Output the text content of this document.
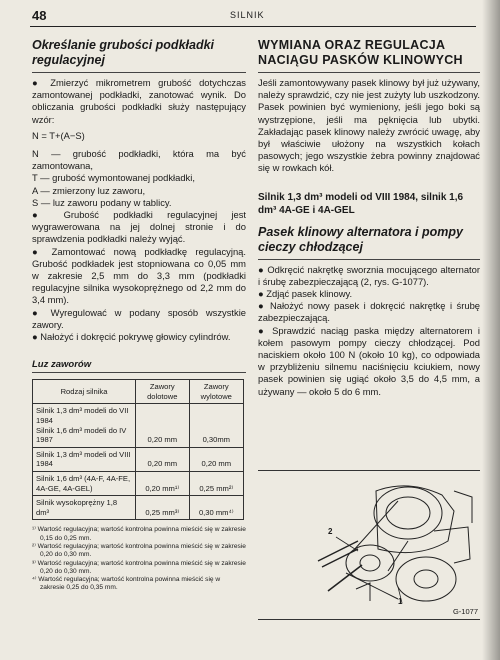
48	SILNIK
Określanie grubości podkładki regulacyjnej

● Zmierzyć mikrometrem grubość dotychczas zamontowanej podkładki, zanotować wynik. Do obliczania grubości podkładki służy następujący wzór:

N = T+(A−S)

N — grubość podkładki, która ma być zamontowana,

T — grubość wymontowanej podkładki,

A — zmierzony luz zaworu,

S — luz zaworu podany w tablicy.

● Grubość podkładki regulacyjnej jest wygrawerowana na jej dolnej stronie i do sprawdzenia podkładki należy wyjąć.

● Zamontować nową podkładkę regulacyjną. Grubość podkładek jest stopniowana co 0,05 mm w zakresie 2,5 mm do 3,3 mm (podkładki regulacyjne silnika wysokoprężnego od 2,2 mm do 3,4 mm).

● Wyregulować w podany sposób wszystkie zawory.

● Nałożyć i dokręcić pokrywę głowicy cylindrów.

Luz zaworów
Rodzaj silnika	Zawory dolotowe	Zawory wylotowe
Silnik 1,3 dm³ modeli do VII 1984
Silnik 1,6 dm³ modeli do IV 1987	0,20 mm	0,30mm
Silnik 1,3 dm³ modeli od VIII 1984	0,20 mm	0,20 mm
Silnik 1,6 dm³ (4A-F, 4A-FE, 4A-GE, 4A-GEL)	0,20 mm¹⁾	0,25 mm²⁾
Silnik wysokoprężny 1,8 dm³	0,25 mm³⁾	0,30 mm⁴⁾
¹⁾ Wartość regulacyjna; wartość kontrolna powinna mieścić się w zakresie 0,15 do 0,25 mm.
²⁾ Wartość regulacyjna; wartość kontrolna powinna mieścić się w zakresie 0,20 do 0,30 mm.
³⁾ Wartość regulacyjna; wartość kontrolna powinna mieścić się w zakresie 0,20 do 0,30 mm.
⁴⁾ Wartość regulacyjna; wartość kontrolna powinna mieścić się w zakresie 0,25 do 0,35 mm.
WYMIANA ORAZ REGULACJA NACIĄGU PASKÓW KLINOWYCH

Jeśli zamontowywany pasek klinowy był już używany, należy sprawdzić, czy nie jest zużyty lub uszkodzony. Pasek powinien być wymieniony, jeśli jego boki są wystrzępione, jeśli ma pęknięcia lub ubytki. Zakładając pasek klinowy należy zwrócić uwagę, aby był właściwie ułożony na wszystkich kołach pasowych; jego wszystkie żebra powinny znajdować się w rowkach kół.

Silnik 1,3 dm³ modeli od VIII 1984, silnik 1,6 dm³ 4A-GE i 4A-GEL
Pasek klinowy alternatora i pompy cieczy chłodzącej

● Odkręcić nakrętkę sworznia mocującego alternator i śrubę zabezpieczającą (2, rys. G-1077).

● Zdjąć pasek klinowy.

● Nałożyć nowy pasek i dokręcić nakrętkę i śrubę zabezpieczającą.

● Sprawdzić naciąg paska między alternatorem i kołem pasowym pompy cieczy chłodzącej. Pod naciskiem około 100 N (około 10 kg), co odpowiada w przybliżeniu silnemu naciśnięciu kciukiem, nowy pasek powinien się ugiąć około 3,5 do 4,5 mm, a używany — około 5 do 6 mm.

2
1
G-1077
